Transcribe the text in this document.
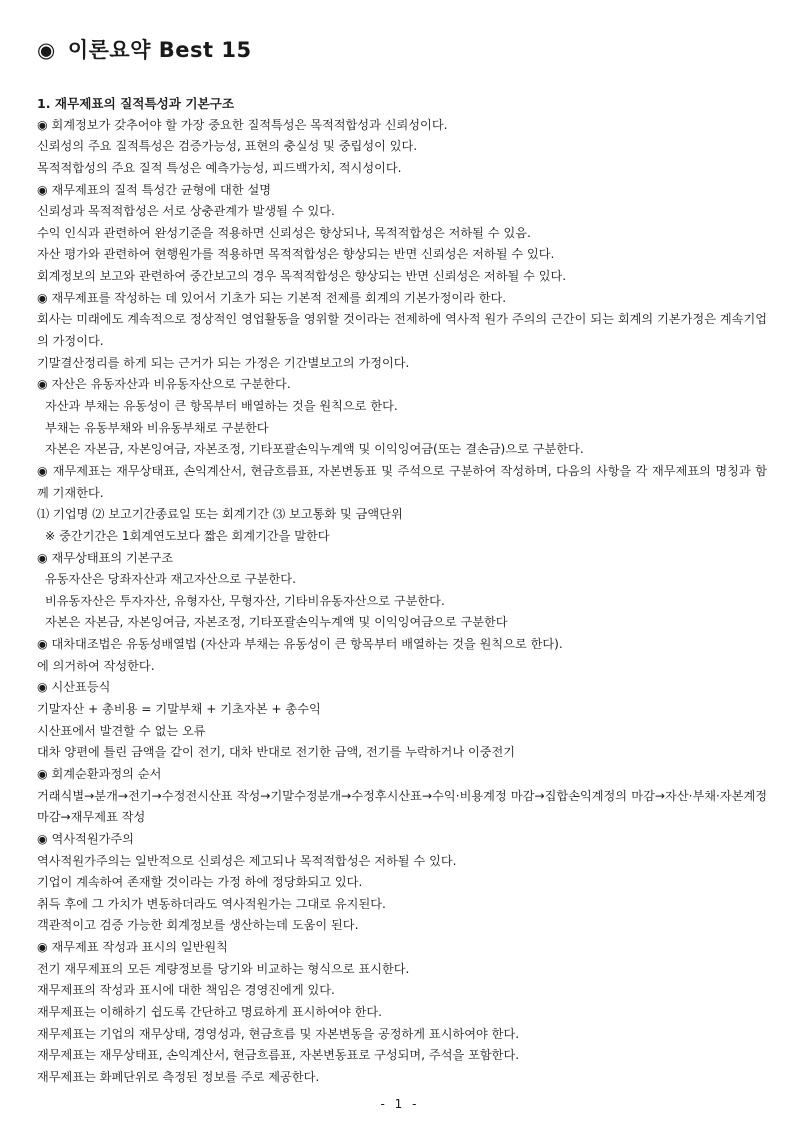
◉ 이론요약 Best 15
1. 재무제표의 질적특성과 기본구조
◉ 회계정보가 갖추어야 할 가장 중요한 질적특성은 목적적합성과 신뢰성이다.
신뢰성의 주요 질적특성은 검증가능성, 표현의 충실성 및 중립성이 있다.
목적적합성의 주요 질적 특성은 예측가능성, 피드백가치, 적시성이다.
◉ 재무제표의 질적 특성간 균형에 대한 설명
신뢰성과 목적적합성은 서로 상충관계가 발생될 수 있다.
수익 인식과 관련하여 완성기준을 적용하면 신뢰성은 향상되나, 목적적합성은 저하될 수 있음.
자산 평가와 관련하여 현행원가를 적용하면 목적적합성은 향상되는 반면 신뢰성은 저하될 수 있다.
회계정보의 보고와 관련하여 중간보고의 경우 목적적합성은 향상되는 반면 신뢰성은 저하될 수 있다.
◉ 재무제표를 작성하는 데 있어서 기초가 되는 기본적 전제를 회계의 기본가정이라 한다.
회사는 미래에도 계속적으로 정상적인 영업활동을 영위할 것이라는 전제하에 역사적 원가 주의의 근간이 되는 회계의 기본가정은 계속기업의 가정이다.
기말결산정리를 하게 되는 근거가 되는 가정은 기간별보고의 가정이다.
◉ 자산은 유동자산과 비유동자산으로 구분한다.
자산과 부채는 유동성이 큰 항목부터 배열하는 것을 원칙으로 한다.
부채는 유동부채와 비유동부채로 구분한다
자본은 자본금, 자본잉여금, 자본조정, 기타포괄손익누계액 및 이익잉여금(또는 결손금)으로 구분한다.
◉ 재무제표는 재무상태표, 손익계산서, 현금흐름표, 자본변동표 및 주석으로 구분하여 작성하며, 다음의 사항을 각 재무제표의 명칭과 함께 기재한다.
⑴ 기업명 ⑵ 보고기간종료일 또는 회계기간 ⑶ 보고통화 및 금액단위
※ 중간기간은 1회계연도보다 짧은 회계기간을 말한다
◉ 재무상태표의 기본구조
유동자산은 당좌자산과 재고자산으로 구분한다.
비유동자산은 투자자산, 유형자산, 무형자산, 기타비유동자산으로 구분한다.
자본은 자본금, 자본잉여금, 자본조정, 기타포괄손익누계액 및 이익잉여금으로 구분한다
◉ 대차대조법은 유동성배열법 (자산과 부채는 유동성이 큰 항목부터 배열하는 것을 원칙으로 한다).
에 의거하여 작성한다.
◉ 시산표등식
기말자산 + 총비용 = 기말부채 + 기초자본 + 총수익
시산표에서 발견할 수 없는 오류
대차 양편에 틀린 금액을 같이 전기, 대차 반대로 전기한 금액, 전기를 누락하거나 이중전기
◉ 회계순환과정의 순서
거래식별→분개→전기→수정전시산표 작성→기말수정분개→수정후시산표→수익·비용계정 마감→집합손익계정의 마감→자산·부채·자본계정 마감→재무제표 작성
◉ 역사적원가주의
역사적원가주의는 일반적으로 신뢰성은 제고되나 목적적합성은 저하될 수 있다.
기업이 계속하여 존재할 것이라는 가정 하에 정당화되고 있다.
취득 후에 그 가치가 변동하더라도 역사적원가는 그대로 유지된다.
객관적이고 검증 가능한 회계정보를 생산하는데 도움이 된다.
◉ 재무제표 작성과 표시의 일반원칙
전기 재무제표의 모든 계량정보를 당기와 비교하는 형식으로 표시한다.
재무제표의 작성과 표시에 대한 책임은 경영진에게 있다.
재무제표는 이해하기 쉽도록 간단하고 명료하게 표시하여야 한다.
재무제표는 기업의 재무상태, 경영성과, 현금흐름 및 자본변동을 공정하게 표시하여야 한다.
재무제표는 재무상태표, 손익계산서, 현금흐름표, 자본변동표로 구성되며, 주석을 포함한다.
재무제표는 화폐단위로 측정된 정보를 주로 제공한다.
- 1 -
